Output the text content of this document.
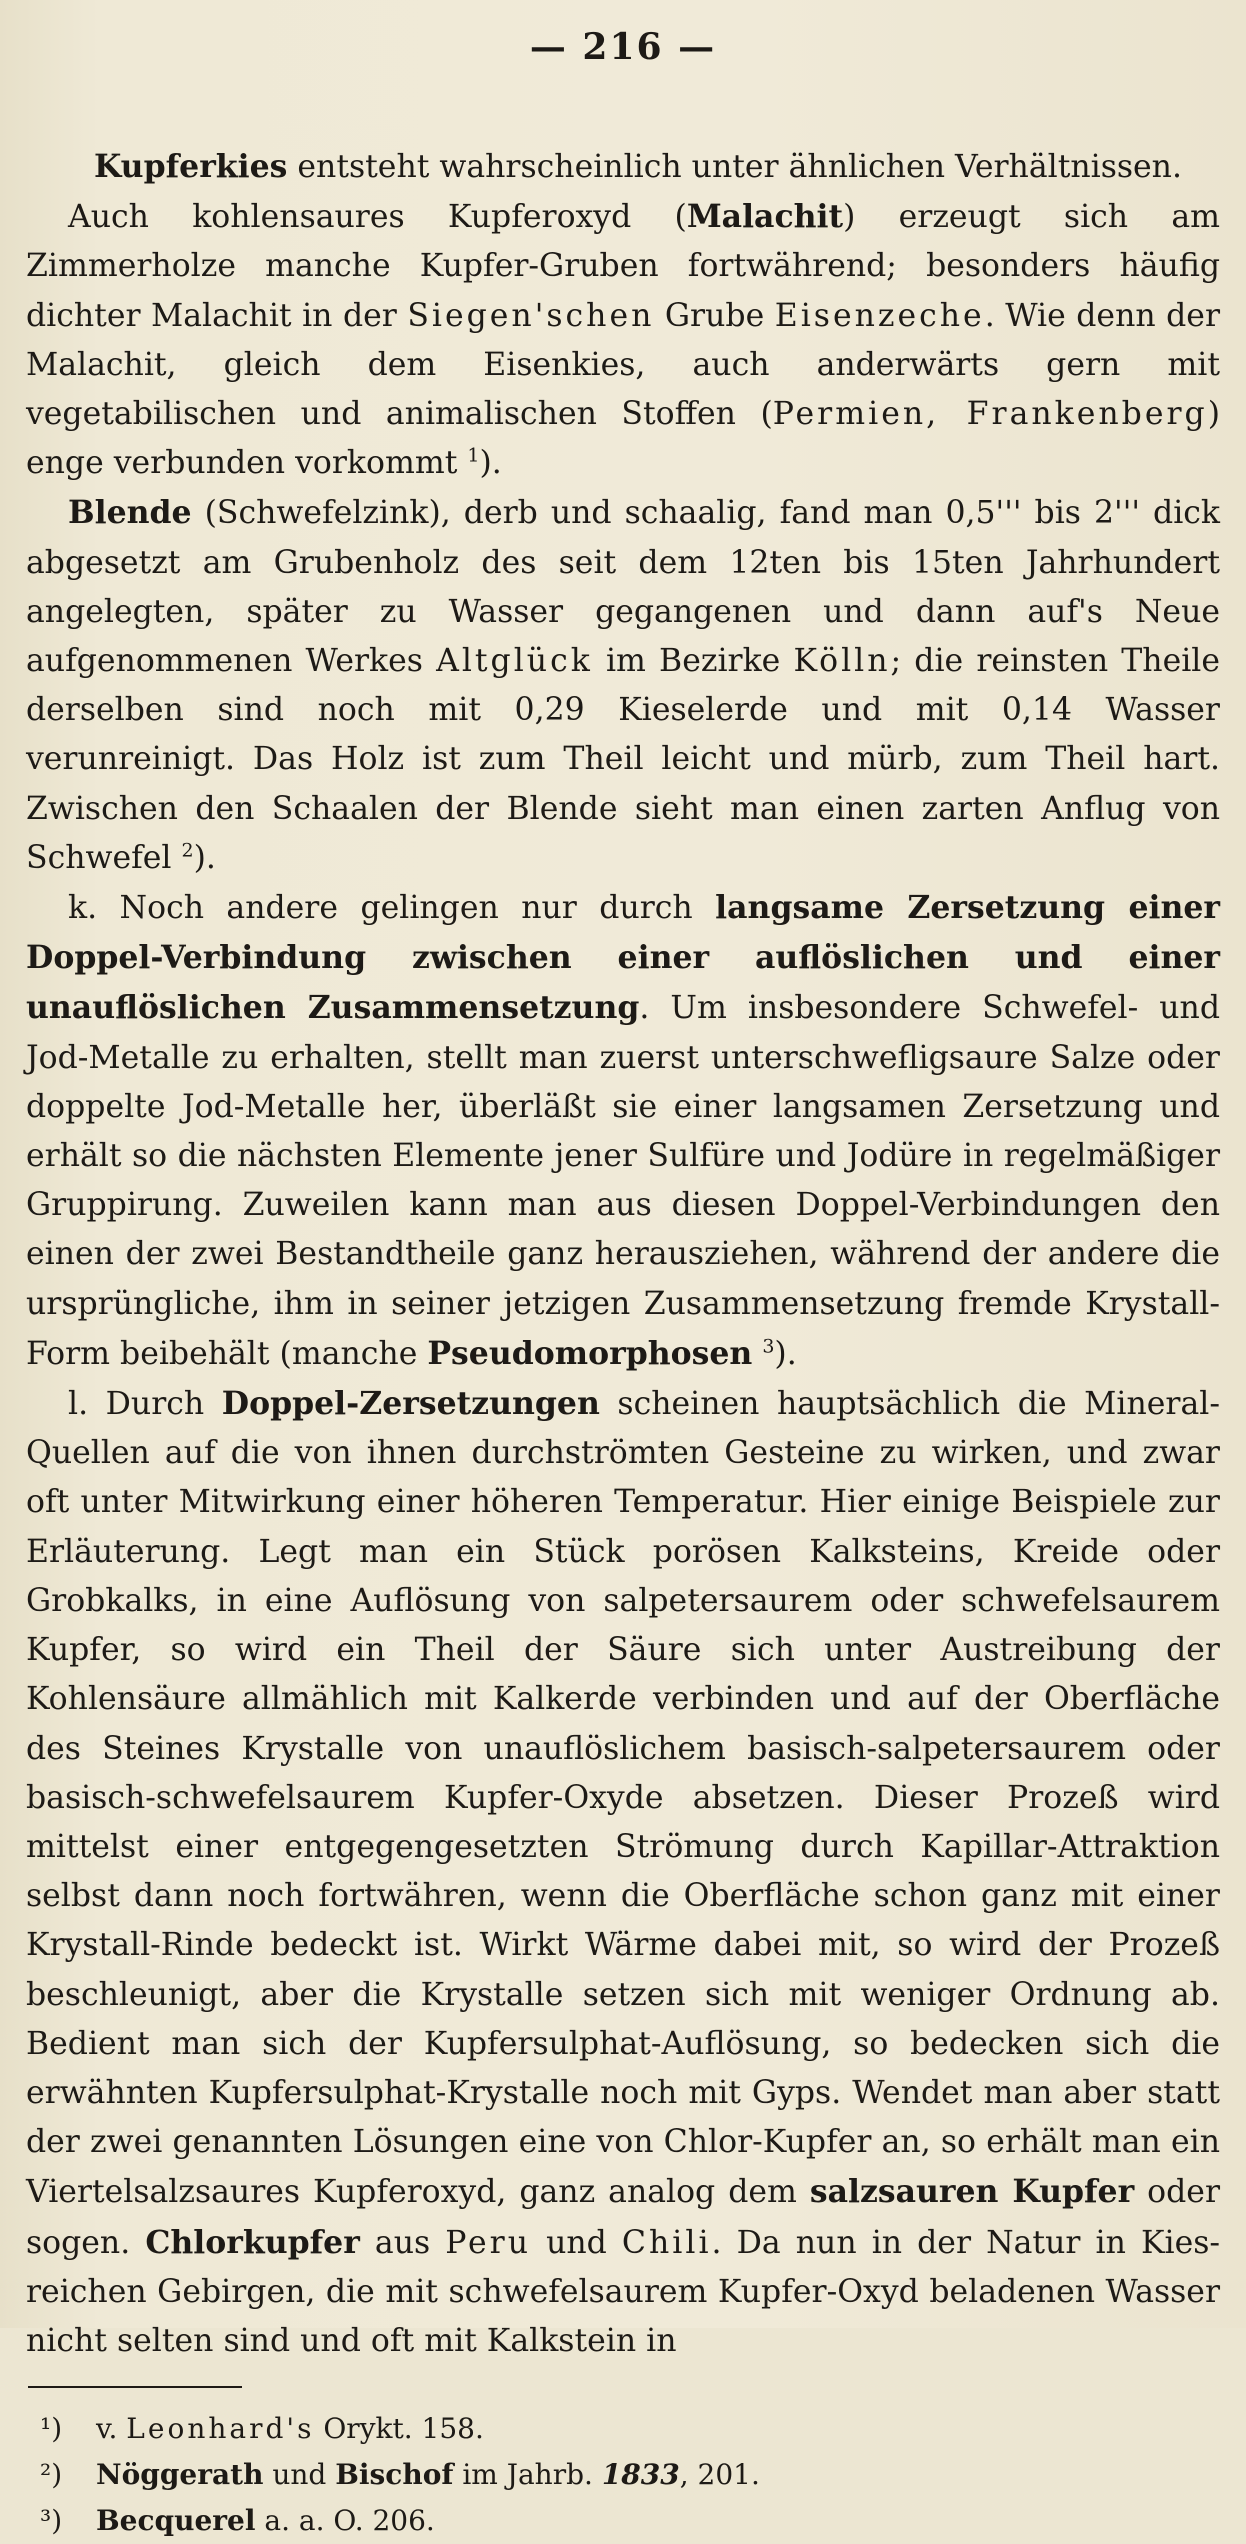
— 216 —

Kupferkies entsteht wahrscheinlich unter ähnlichen Verhältnissen.

Auch kohlensaures Kupferoxyd (Malachit) erzeugt sich am Zimmerholze manche Kupfer-Gruben fortwährend; besonders häufig dichter Malachit in der Siegen'schen Grube Eisenzeche. Wie denn der Malachit, gleich dem Eisenkies, auch anderwärts gern mit vegetabilischen und animalischen Stoffen (Permien, Frankenberg) enge verbunden vorkommt $^1$).

Blende (Schwefelzink), derb und schaalig, fand man 0,5''' bis 2''' dick abgesetzt am Grubenholz des seit dem 12ten bis 15ten Jahrhundert angelegten, später zu Wasser gegangenen und dann auf's Neue aufgenommenen Werkes Altglück im Bezirke Kölln; die reinsten Theile derselben sind noch mit 0,29 Kieselerde und mit 0,14 Wasser verunreinigt. Das Holz ist zum Theil leicht und mürb, zum Theil hart. Zwischen den Schaalen der Blende sieht man einen zarten Anflug von Schwefel $^2$).

k. Noch andere gelingen nur durch langsame Zersetzung einer Doppel-Verbindung zwischen einer auflöslichen und einer unauflöslichen Zusammensetzung. Um insbesondere Schwefel- und Jod-Metalle zu erhalten, stellt man zuerst unterschwefligsaure Salze oder doppelte Jod-Metalle her, überläßt sie einer langsamen Zersetzung und erhält so die nächsten Elemente jener Sulfüre und Jodüre in regelmäßiger Gruppirung. Zuweilen kann man aus diesen Doppel-Verbindungen den einen der zwei Bestandtheile ganz herausziehen, während der andere die ursprüngliche, ihm in seiner jetzigen Zusammensetzung fremde Krystall-Form beibehält (manche Pseudomorphosen $^3$).

l. Durch Doppel-Zersetzungen scheinen hauptsächlich die Mineral-Quellen auf die von ihnen durchströmten Gesteine zu wirken, und zwar oft unter Mitwirkung einer höheren Temperatur. Hier einige Beispiele zur Erläuterung. Legt man ein Stück porösen Kalksteins, Kreide oder Grobkalks, in eine Auflösung von salpetersaurem oder schwefelsaurem Kupfer, so wird ein Theil der Säure sich unter Austreibung der Kohlensäure allmählich mit Kalkerde verbinden und auf der Oberfläche des Steines Krystalle von unauflöslichem basisch-salpetersaurem oder basisch-schwefelsaurem Kupfer-Oxyde absetzen. Dieser Prozeß wird mittelst einer entgegengesetzten Strömung durch Kapillar-Attraktion selbst dann noch fortwähren, wenn die Oberfläche schon ganz mit einer Krystall-Rinde bedeckt ist. Wirkt Wärme dabei mit, so wird der Prozeß beschleunigt, aber die Krystalle setzen sich mit weniger Ordnung ab. Bedient man sich der Kupfersulphat-Auflösung, so bedecken sich die erwähnten Kupfersulphat-Krystalle noch mit Gyps. Wendet man aber statt der zwei genannten Lösungen eine von Chlor-Kupfer an, so erhält man ein Viertelsalzsaures Kupferoxyd, ganz analog dem salzsauren Kupfer oder sogen. Chlorkupfer aus Peru und Chili. Da nun in der Natur in Kies-reichen Gebirgen, die mit schwefelsaurem Kupfer-Oxyd beladenen Wasser nicht selten sind und oft mit Kalkstein in

¹) v. Leonhard's Orykt. 158.
²) Nöggerath und Bischof im Jahrb. 1833, 201.
³) Becquerel a. a. O. 206.
